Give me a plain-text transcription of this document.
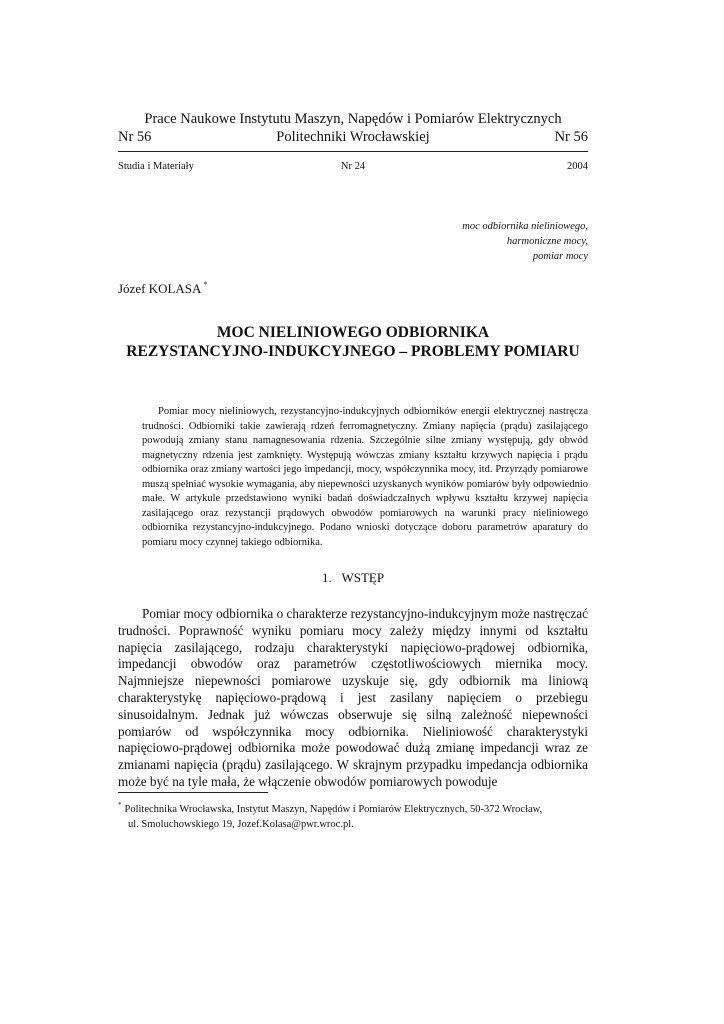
Prace Naukowe Instytutu Maszyn, Napędów i Pomiarów Elektrycznych
Nr 56	Politechniki Wrocławskiej	Nr 56
Studia i Materiały	Nr 24	2004
moc odbiornika nieliniowego,
harmoniczne mocy,
pomiar mocy
Józef KOLASA *
MOC NIELINIOWEGO ODBIORNIKA
REZYSTANCYJNO-INDUKCYJNEGO – PROBLEMY POMIARU

Pomiar mocy nieliniowych, rezystancyjno-indukcyjnych odbiorników energii elektrycznej nastręcza trudności. Odbiorniki takie zawierają rdzeń ferromagnetyczny. Zmiany napięcia (prądu) zasilającego powodują zmiany stanu namagnesowania rdzenia. Szczególnie silne zmiany występują, gdy obwód magnetyczny rdzenia jest zamknięty. Występują wówczas zmiany kształtu krzywych napięcia i prądu odbiornika oraz zmiany wartości jego impedancji, mocy, współczynnika mocy, itd. Przyrządy pomiarowe muszą spełniać wysokie wymagania, aby niepewności uzyskanych wyników pomiarów były odpowiednio małe. W artykule przedstawiono wyniki badań doświadczalnych wpływu kształtu krzywej napięcia zasilającego oraz rezystancji prądowych obwodów pomiarowych na warunki pracy nieliniowego odbiornika rezystancyjno-indukcyjnego. Podano wnioski dotyczące doboru parametrów aparatury do pomiaru mocy czynnej takiego odbiornika.

1. WSTĘP

Pomiar mocy odbiornika o charakterze rezystancyjno-indukcyjnym może nastręczać trudności. Poprawność wyniku pomiaru mocy zależy między innymi od kształtu napięcia zasilającego, rodzaju charakterystyki napięciowo-prądowej odbiornika, impedancji obwodów oraz parametrów częstotliwościowych miernika mocy. Najmniejsze niepewności pomiarowe uzyskuje się, gdy odbiornik ma liniową charakterystykę napięciowo-prądową i jest zasilany napięciem o przebiegu sinusoidalnym. Jednak już wówczas obserwuje się silną zależność niepewności pomiarów od współczynnika mocy odbiornika. Nieliniowość charakterystyki napięciowo-prądowej odbiornika może powodować dużą zmianę impedancji wraz ze zmianami napięcia (prądu) zasilającego. W skrajnym przypadku impedancja odbiornika może być na tyle mała, że włączenie obwodów pomiarowych powoduje

* Politechnika Wrocławska, Instytut Maszyn, Napędów i Pomiarów Elektrycznych, 50-372 Wrocław,
ul. Smoluchowskiego 19, Jozef.Kolasa@pwr.wroc.pl.
